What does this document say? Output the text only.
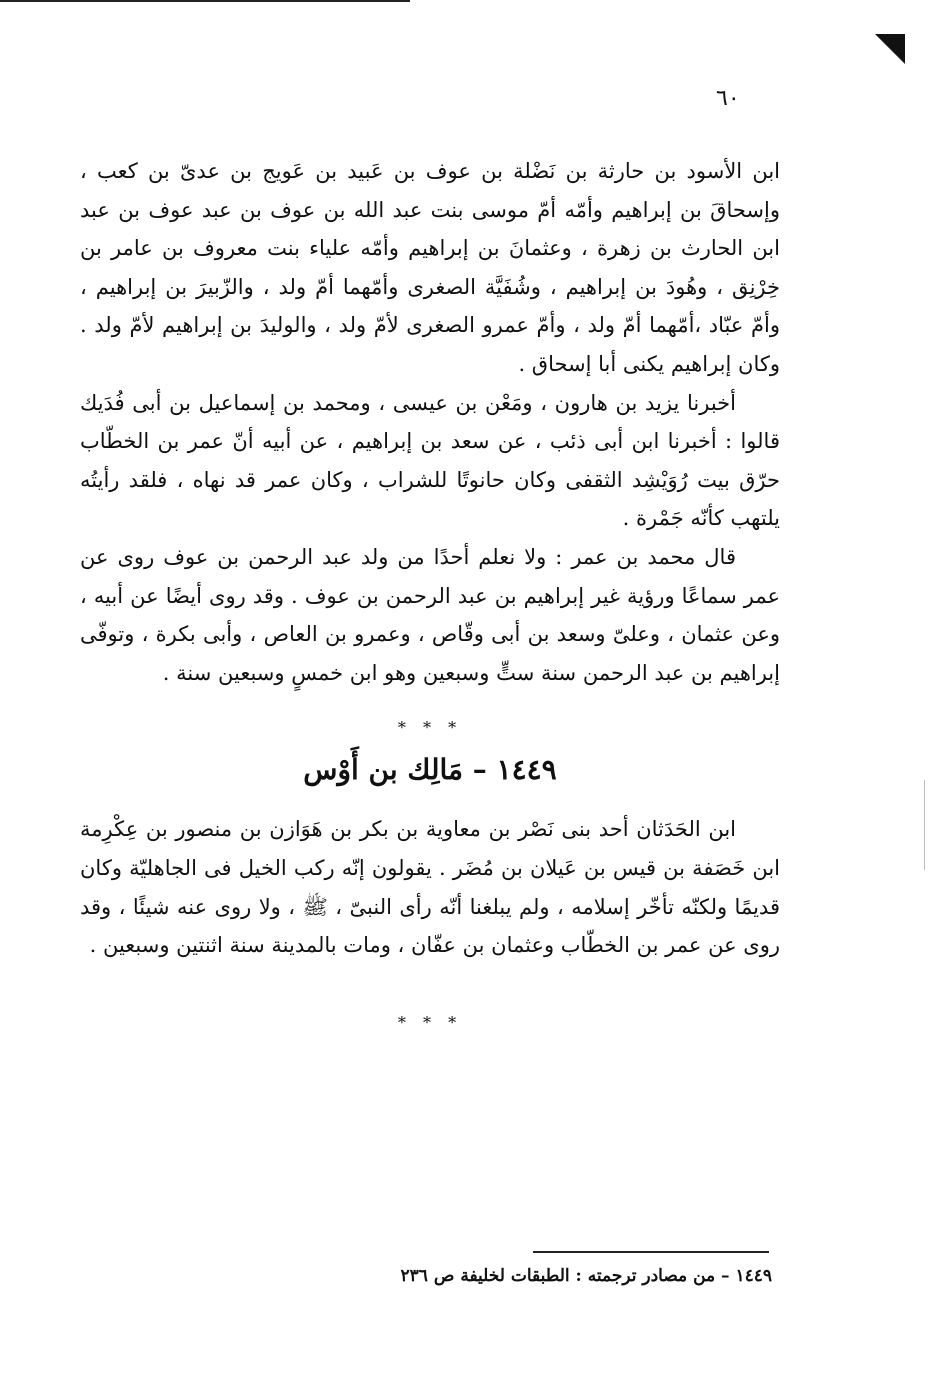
٦٠

ابن الأسود بن حارثة بن نَضْلة بن عوف بن عَبيد بن عَويج بن عدىّ بن كعب ، وإسحاقَ بن إبراهيم وأمّه أمّ موسى بنت عبد الله بن عوف بن عبد عوف بن عبد ابن الحارث بن زهرة ، وعثمانَ بن إبراهيم وأمّه علياء بنت معروف بن عامر بن خِرْنِق ، وهُودَ بن إبراهيم ، وشُفَيَّة الصغرى وأمّهما أمّ ولد ، والزّبيرَ بن إبراهيم ، وأمّ عبّاد ،أمّهما أمّ ولد ، وأمّ عمرو الصغرى لأمّ ولد ، والوليدَ بن إبراهيم لأمّ ولد . وكان إبراهيم يكنى أبا إسحاق .

أخبرنا يزيد بن هارون ، ومَعْن بن عيسى ، ومحمد بن إسماعيل بن أبى فُدَيك قالوا : أخبرنا ابن أبى ذئب ، عن سعد بن إبراهيم ، عن أبيه أنّ عمر بن الخطّاب حرّق بيت رُوَيْشِد الثقفى وكان حانوتًا للشراب ، وكان عمر قد نهاه ، فلقد رأيتُه يلتهب كأنّه جَمْرة .

قال محمد بن عمر : ولا نعلم أحدًا من ولد عبد الرحمن بن عوف روى عن عمر سماعًا ورؤية غير إبراهيم بن عبد الرحمن بن عوف . وقد روى أيضًا عن أبيه ، وعن عثمان ، وعلىّ وسعد بن أبى وقّاص ، وعمرو بن العاص ، وأبى بكرة ، وتوفّى إبراهيم بن عبد الرحمن سنة ستٍّ وسبعين وهو ابن خمسٍ وسبعين سنة .

* * *
١٤٤٩ – مَالِك بن أَوْس

ابن الحَدَثان أحد بنى نَصْر بن معاوية بن بكر بن هَوَازن بن منصور بن عِكْرِمة ابن خَصَفة بن قيس بن عَيلان بن مُضَر . يقولون إنّه ركب الخيل فى الجاهليّة وكان قديمًا ولكنّه تأخّر إسلامه ، ولم يبلغنا أنّه رأى النبىّ ، ﷺ ، ولا روى عنه شيئًا ، وقد روى عن عمر بن الخطّاب وعثمان بن عفّان ، ومات بالمدينة سنة اثنتين وسبعين .

* * *
١٤٤٩ – من مصادر ترجمته : الطبقات لخليفة ص ٢٣٦
